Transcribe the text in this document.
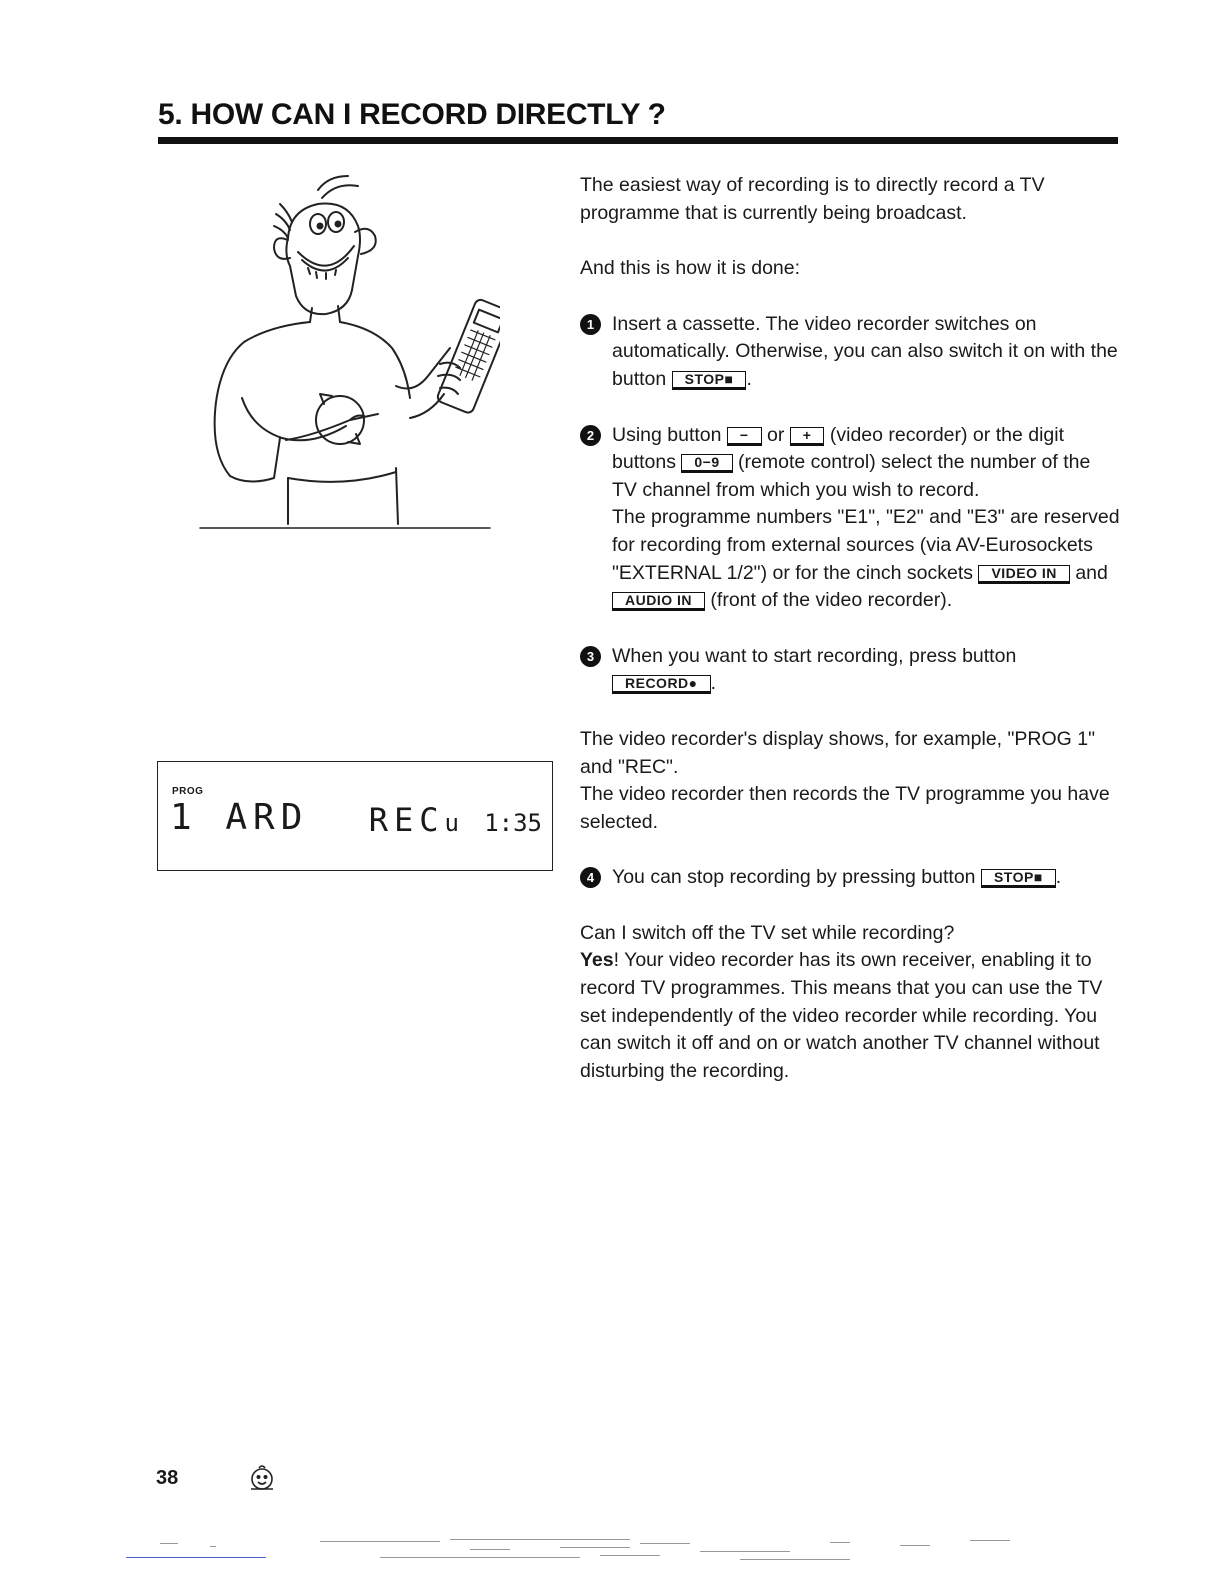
5. HOW CAN I RECORD DIRECTLY ?
PROG
1 ARD RECu 1:35

The easiest way of recording is to directly record a TV programme that is currently being broadcast.

And this is how it is done:

1 Insert a cassette. The video recorder switches on automatically. Otherwise, you can also switch it on with the button STOP■ .
2 Using button − or + (video recorder) or the digit buttons 0−9 (remote control) select the number of the TV channel from which you wish to record.
The programme numbers "E1", "E2" and "E3" are reserved for recording from external sources (via AV-Eurosockets "EXTERNAL 1/2") or for the cinch sockets VIDEO IN and AUDIO IN (front of the video recorder).
3 When you want to start recording, press button
RECORD● .

The video recorder's display shows, for example, "PROG 1" and "REC".
The video recorder then records the TV programme you have selected.

4 You can stop recording by pressing button STOP■ .

Can I switch off the TV set while recording?
Yes! Your video recorder has its own receiver, enabling it to record TV programmes. This means that you can use the TV set independently of the video recorder while recording. You can switch it off and on or watch another TV channel without disturbing the recording.

38
